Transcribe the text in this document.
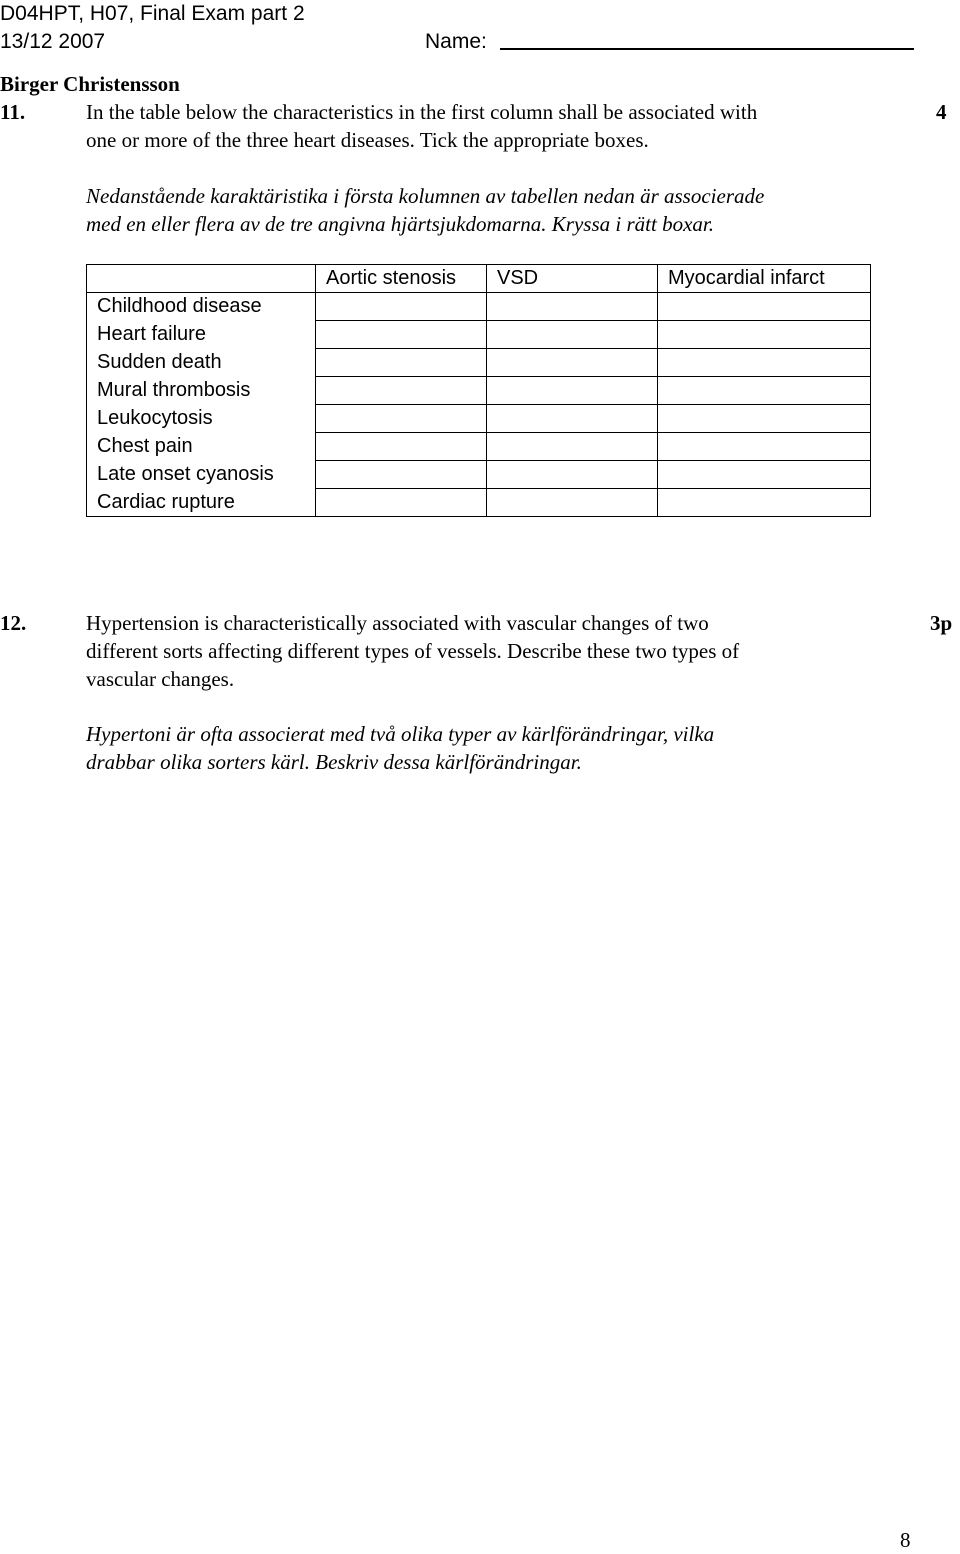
D04HPT, H07, Final Exam part 2
13/12 2007	Name:
Birger Christensson
11.	4
In the table below the characteristics in the first column shall be associated with
one or more of the three heart diseases. Tick the appropriate boxes.
Nedanstående karaktäristika i första kolumnen av tabellen nedan är associerade
med en eller flera av de tre angivna hjärtsjukdomarna. Kryssa i rätt boxar.
	Aortic stenosis	VSD	Myocardial infarct
Childhood disease			
Heart failure			
Sudden death			
Mural thrombosis			
Leukocytosis			
Chest pain			
Late onset cyanosis			
Cardiac rupture			
12.	3p
Hypertension is characteristically associated with vascular changes of two
different sorts affecting different types of vessels. Describe these two types of
vascular changes.
Hypertoni är ofta associerat med två olika typer av kärlförändringar, vilka
drabbar olika sorters kärl. Beskriv dessa kärlförändringar.
8
